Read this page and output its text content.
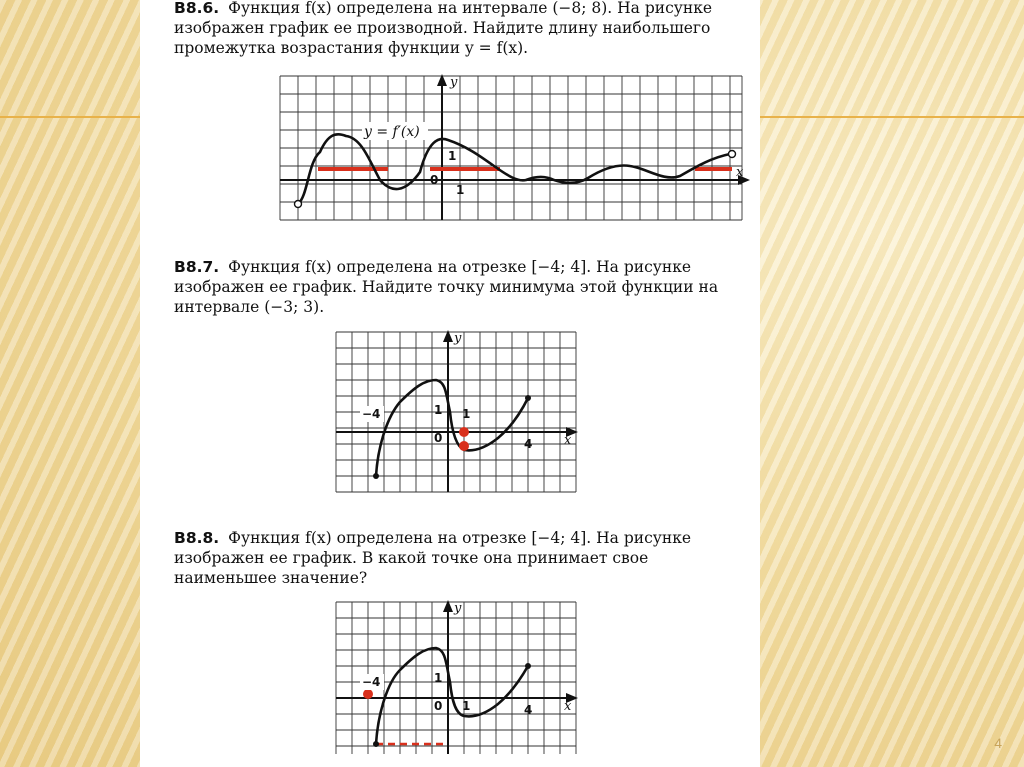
В8.6. Функция f(x) определена на интервале (−8; 8). На рисунке изображен график ее производной. Найдите длину наибольшего промежутка возрастания функции y = f(x).
y = f′(x)
y
x
0
1
1
В8.7. Функция f(x) определена на отрезке [−4; 4]. На рисунке изображен ее график. Найдите точку минимума этой функции на интервале (−3; 3).
−4	1 1
0	4
y
x
В8.8. Функция f(x) определена на отрезке [−4; 4]. На рисунке изображен ее график. В какой точке она принимает свое наименьшее значение?
−4	1
0 1	4
y
x
4
